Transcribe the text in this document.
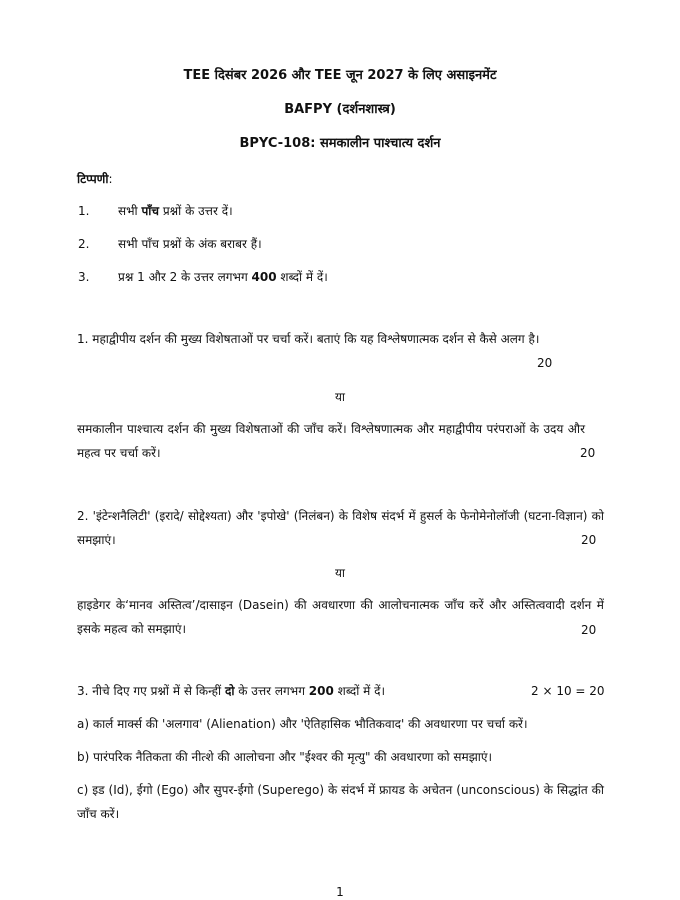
TEE दिसंबर 2026 और TEE जून 2027 के लिए असाइनमेंट
BAFPY (दर्शनशास्त्र)
BPYC-108: समकालीन पाश्चात्य दर्शन
टिप्पणी:
1. सभी पाँच प्रश्नों के उत्तर दें।
2. सभी पाँच प्रश्नों के अंक बराबर हैं।
3. प्रश्न 1 और 2 के उत्तर लगभग 400 शब्दों में दें।
1. महाद्वीपीय दर्शन की मुख्य विशेषताओं पर चर्चा करें। बताएं कि यह विश्लेषणात्मक दर्शन से कैसे अलग है।
20
या
समकालीन पाश्चात्य दर्शन की मुख्य विशेषताओं की जाँच करें। विश्लेषणात्मक और महाद्वीपीय परंपराओं के उदय और महत्व पर चर्चा करें।	20
2. 'इंटेन्शनैलिटी' (इरादे/ सोद्देश्यता) और 'इपोखे' (निलंबन) के विशेष संदर्भ में हुसर्ल के फेनोमेनोलॉजी (घटना-विज्ञान) को समझाएं।	20
या
हाइडेगर के‘मानव अस्तित्व’/दासाइन (Dasein) की अवधारणा की आलोचनात्मक जाँच करें और अस्तित्ववादी दर्शन में इसके महत्व को समझाएं।	20
3. नीचे दिए गए प्रश्नों में से किन्हीं दो के उत्तर लगभग 200 शब्दों में दें।	2 × 10 = 20
a) कार्ल मार्क्स की 'अलगाव' (Alienation) और 'ऐतिहासिक भौतिकवाद' की अवधारणा पर चर्चा करें।
b) पारंपरिक नैतिकता की नीत्शे की आलोचना और "ईश्वर की मृत्यु" की अवधारणा को समझाएं।
c) इड (Id), ईगो (Ego) और सुपर-ईगो (Superego) के संदर्भ में फ्रायड के अचेतन (unconscious) के सिद्धांत की जाँच करें।
1
